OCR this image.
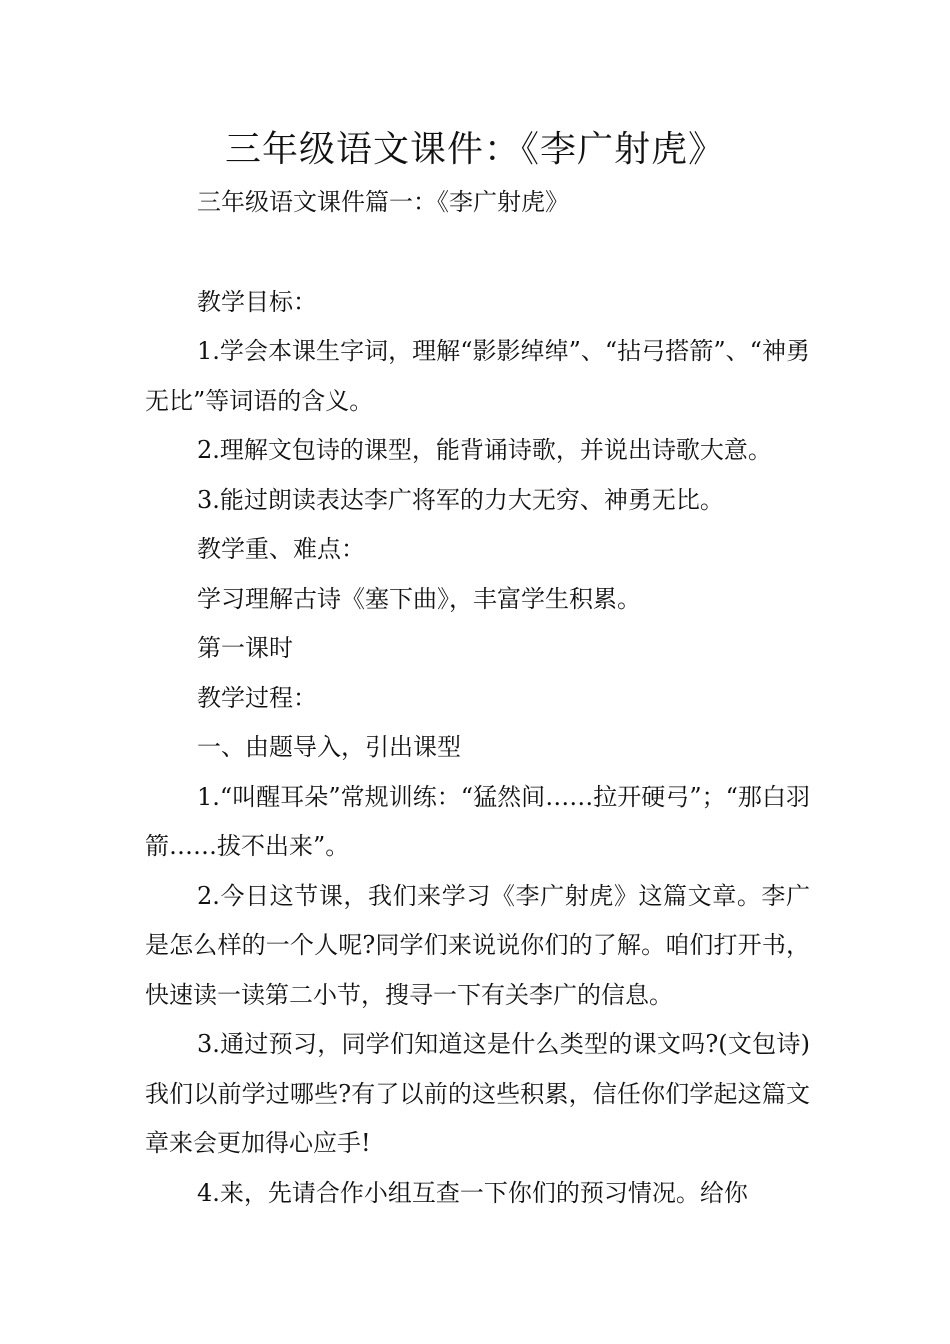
三年级语文课件：《李广射虎》

三年级语文课件篇一：《李广射虎》

教学目标：

1.学会本课生字词，理解“影影绰绰”、“拈弓搭箭”、“神勇无比”等词语的含义。

2.理解文包诗的课型，能背诵诗歌，并说出诗歌大意。

3.能过朗读表达李广将军的力大无穷、神勇无比。

教学重、难点：

学习理解古诗《塞下曲》，丰富学生积累。

第一课时

教学过程：

一、由题导入，引出课型

1.“叫醒耳朵”常规训练：“猛然间……拉开硬弓”；“那白羽箭……拔不出来”。

2.今日这节课，我们来学习《李广射虎》这篇文章。李广是怎么样的一个人呢?同学们来说说你们的了解。咱们打开书，快速读一读第二小节，搜寻一下有关李广的信息。

3.通过预习，同学们知道这是什么类型的课文吗?(文包诗)我们以前学过哪些?有了以前的这些积累，信任你们学起这篇文章来会更加得心应手!

4.来，先请合作小组互查一下你们的预习情况。给你
